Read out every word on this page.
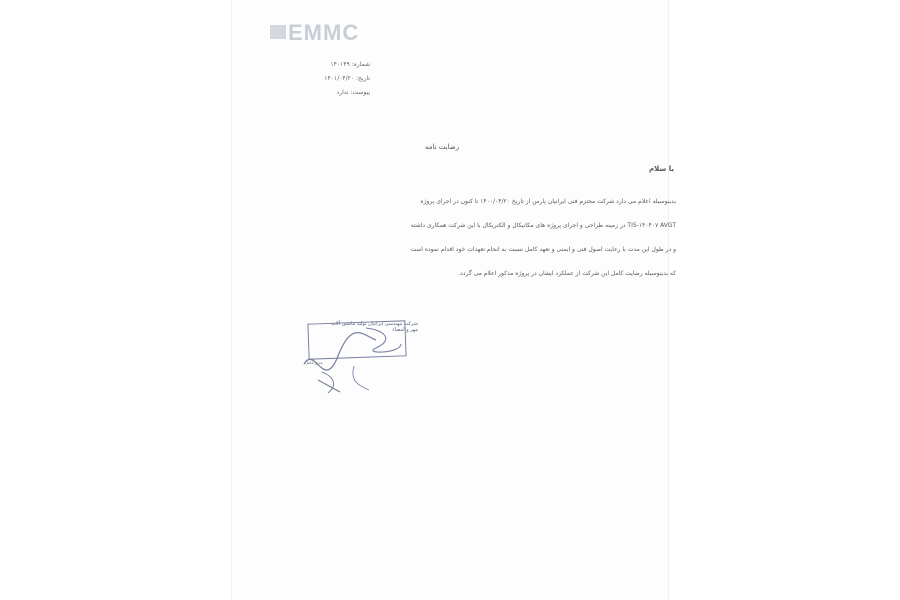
EMMC
شماره: ۱۴۰۱۴۹
تاریخ: ۱۴۰۱/۰۴/۲۰
پیوست: ندارد
رضایت نامه
با سلام
بدینوسیله اعلام می دارد شرکت محترم فنی ایرانیان پارس از تاریخ ۱۴۰۰/۰۴/۲۰ تا کنون در اجرای پروژه
TIS-۱۴۰۴۰۷ AVGT در زمینه طراحی و اجرای پروژه های مکانیکال و الکتریکال با این شرکت همکاری داشته
و در طول این مدت با رعایت اصول فنی و ایمنی و تعهد کامل نسبت به انجام تعهدات خود اقدام نموده است
که بدینوسیله رضایت کامل این شرکت از عملکرد ایشان در پروژه مذکور اعلام می گردد.
شرکت مهندسی ایرانیان تولید ماشین آلات
مهر و امضاء
مدیر عامل
